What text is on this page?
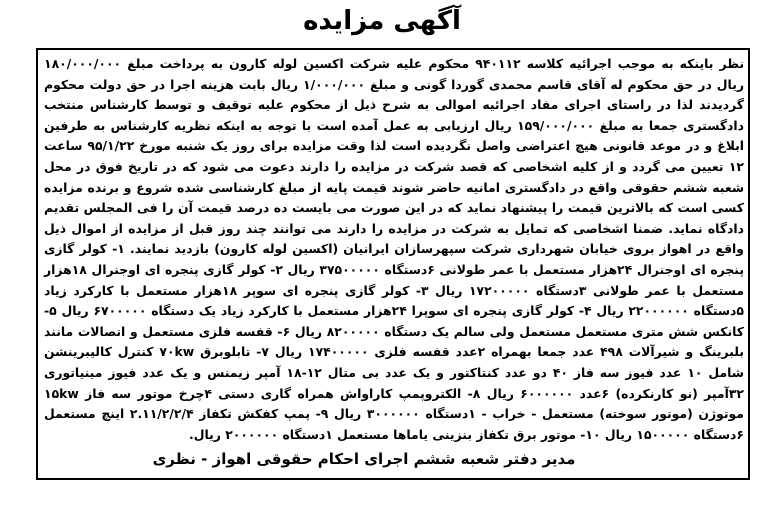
آگهی مزایده
نظر باینکه به موجب اجرائیه کلاسه ۹۴۰۱۱۲ محکوم علیه شرکت اکسین لوله کارون به پرداخت مبلغ ۱۸۰/۰۰۰/۰۰۰ ریال در حق محکوم له آقای قاسم محمدی گوردا گونی و مبلغ ۱/۰۰۰/۰۰۰ ریال بابت هزینه اجرا در حق دولت محکوم گردیدند لذا در راستای اجرای مفاد اجرائیه اموالی به شرح ذیل از محکوم علیه توقیف و توسط کارشناس منتخب دادگستری جمعا به مبلغ ۱۵۹/۰۰۰/۰۰۰ ریال ارزیابی به عمل آمده است با توجه به اینکه نظریه کارشناس به طرفین ابلاغ و در موعد قانونی هیچ اعتراضی واصل نگردیده است لذا وقت مزایده برای روز یک شنبه مورخ ۹۵/۱/۲۲ ساعت ۱۲ تعیین می گردد و از کلیه اشخاصی که قصد شرکت در مزایده را دارند دعوت می شود که در تاریخ فوق در محل شعبه ششم حقوقی واقع در دادگستری امانیه حاضر شوند قیمت پایه از مبلغ کارشناسی شده شروع و برنده مزایده کسی است که بالاترین قیمت را پیشنهاد نماید که در این صورت می بایست ده درصد قیمت آن را فی المجلس تقدیم دادگاه نماید. ضمنا اشخاصی که تمایل به شرکت در مزایده را دارند می توانند چند روز قبل از مزایده از اموال ذیل واقع در اهواز بروی خیابان شهرداری شرکت سپهرسازان ایرانیان (اکسین لوله کارون) بازدید نمایند. ۱- کولر گازی پنجره ای اوجنرال ۲۴هزار مستعمل با عمر طولانی ۶دستگاه ۳۷۵۰۰۰۰۰ ریال ۲- کولر گازی پنجره ای اوجنرال ۱۸هزار مستعمل با عمر طولانی ۳دستگاه ۱۷۲۰۰۰۰۰ ریال ۳- کولر گازی پنجره ای سوپر ۱۸هزار مستعمل با کارکرد زیاد ۵دستگاه ۲۲۰۰۰۰۰۰ ریال ۴- کولر گازی پنجره ای سوپرا ۲۴هزار مستعمل با کارکرد زیاد یک دستگاه ۶۷۰۰۰۰۰ ریال ۵- کانکس شش متری مستعمل مستعمل ولی سالم یک دستگاه ۸۲۰۰۰۰۰ ریال ۶- قفسه فلزی مستعمل و اتصالات مانند بلبرینگ و شیرآلات ۴۹۸ عدد جمعا بهمراه ۲عدد قفسه فلزی ۱۷۴۰۰۰۰۰ ریال ۷- تابلوبرق ۷۰kw کنترل کالیبرینشن شامل ۱۰ عدد فیوز سه فاز ۴۰ دو عدد کنتاکتور و یک عدد بی متال ۱۲-۱۸ آمپر زیمنس و یک عدد فیوز مینیاتوری ۳۲آمپر (نو کارنکرده) ۶عدد ۶۰۰۰۰۰۰ ریال ۸- الکتروپمپ کاراواش همراه گاری دستی ۴چرخ موتور سه فاز ۱۵kw موتوژن (موتور سوخته) مستعمل - خراب - ۱دستگاه ۳۰۰۰۰۰۰ ریال ۹- پمپ کفکش تکفاز ۲.۱۱/۲/۲/۴ اینچ مستعمل ۶دستگاه ۱۵۰۰۰۰۰ ریال ۱۰- موتور برق تکفاز بنزینی یاماها مستعمل ۱دستگاه ۲۰۰۰۰۰۰ ریال.
مدیر دفتر شعبه ششم اجرای احکام حقوقی اهواز - نظری
